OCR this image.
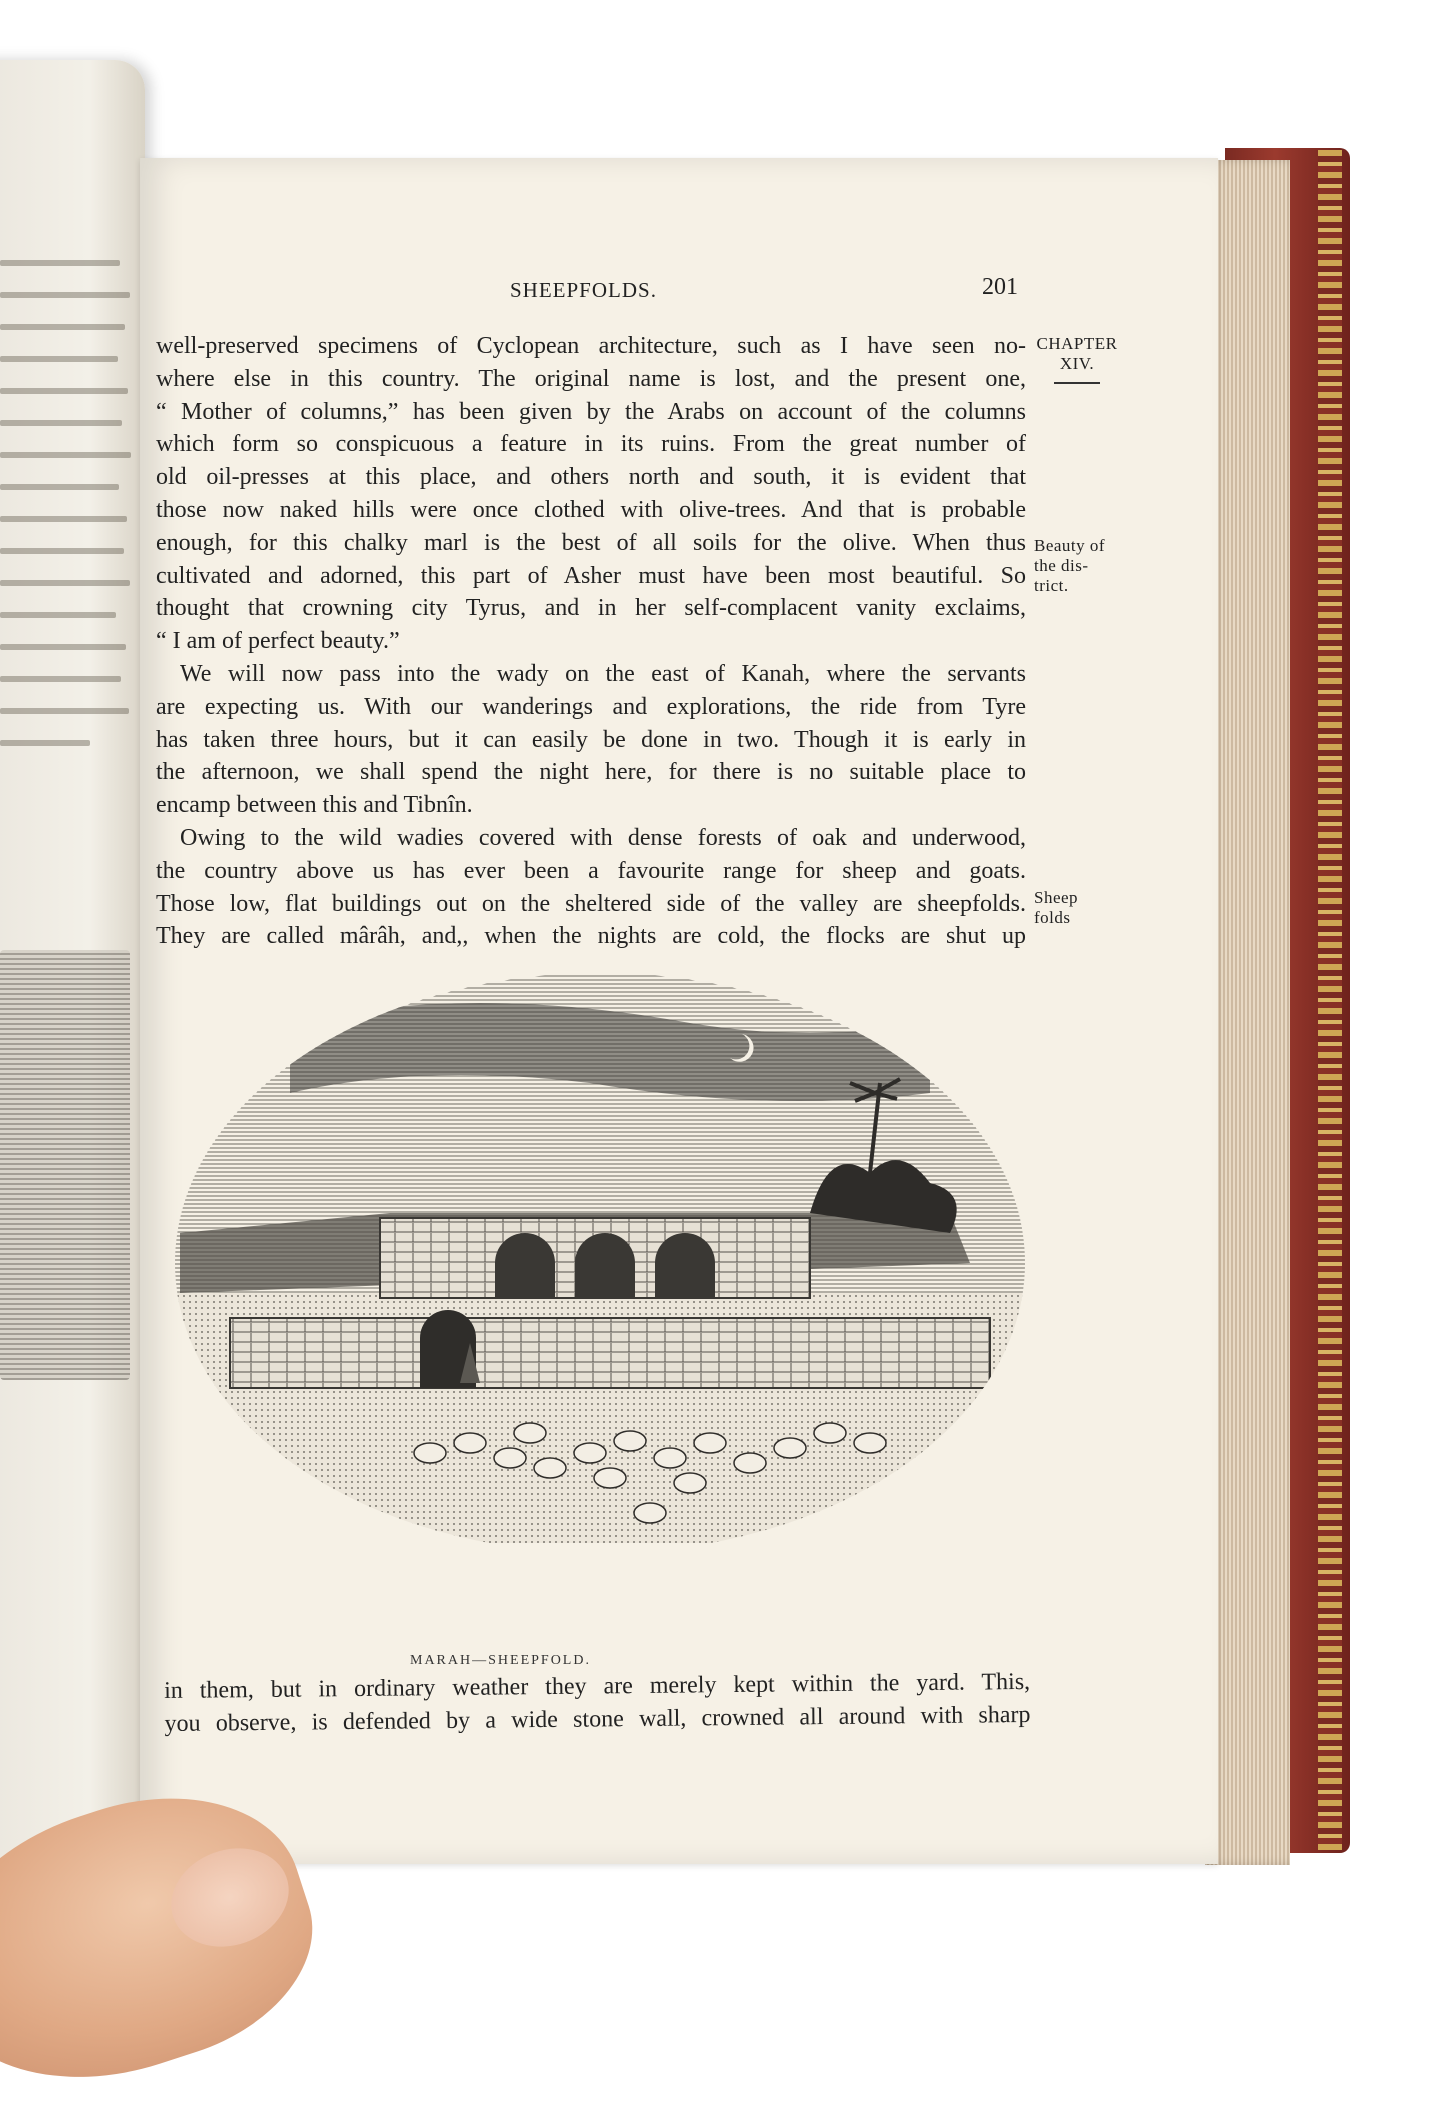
SHEEPFOLDS.	201
well-preserved specimens of Cyclopean architecture, such as I have seen no-
where else in this country. The original name is lost, and the present one,
“ Mother of columns,” has been given by the Arabs on account of the columns
which form so conspicuous a feature in its ruins. From the great number of
old oil-presses at this place, and others north and south, it is evident that
those now naked hills were once clothed with olive-trees. And that is probable
enough, for this chalky marl is the best of all soils for the olive. When thus
cultivated and adorned, this part of Asher must have been most beautiful. So
thought that crowning city Tyrus, and in her self-complacent vanity exclaims,
“ I am of perfect beauty.”
We will now pass into the wady on the east of Kanah, where the servants
are expecting us. With our wanderings and explorations, the ride from Tyre
has taken three hours, but it can easily be done in two. Though it is early in
the afternoon, we shall spend the night here, for there is no suitable place to
encamp between this and Tibnîn.
Owing to the wild wadies covered with dense forests of oak and underwood,
the country above us has ever been a favourite range for sheep and goats.
Those low, flat buildings out on the sheltered side of the valley are sheepfolds.
They are called mârâh, and,, when the nights are cold, the flocks are shut up
CHAPTER
XIV.
Beauty of
the dis-
trict.
Sheep
folds
MARAH—SHEEPFOLD.
in them, but in ordinary weather they are merely kept within the yard. This,
you observe, is defended by a wide stone wall, crowned all around with sharp
